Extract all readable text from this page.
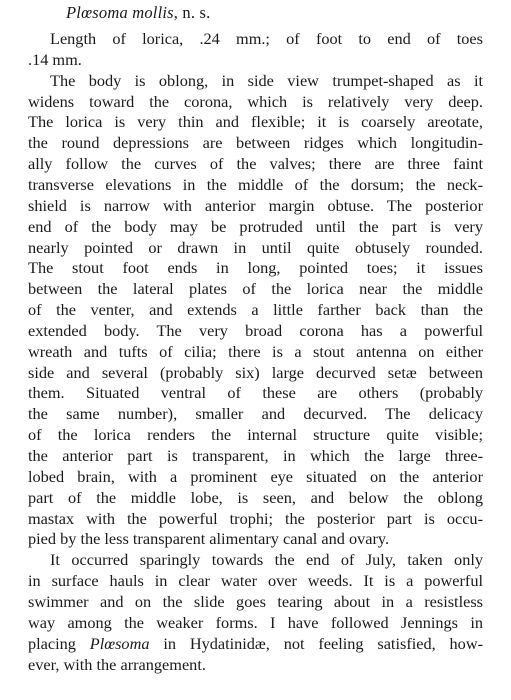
Plœsoma mollis, n. s.
Length of lorica, .24 mm.; of foot to end of toes
.14 mm.
The body is oblong, in side view trumpet-shaped as it
widens toward the corona, which is relatively very deep.
The lorica is very thin and flexible; it is coarsely areotate,
the round depressions are between ridges which longitudin-
ally follow the curves of the valves; there are three faint
transverse elevations in the middle of the dorsum; the neck-
shield is narrow with anterior margin obtuse. The posterior
end of the body may be protruded until the part is very
nearly pointed or drawn in until quite obtusely rounded.
The stout foot ends in long, pointed toes; it issues
between the lateral plates of the lorica near the middle
of the venter, and extends a little farther back than the
extended body. The very broad corona has a powerful
wreath and tufts of cilia; there is a stout antenna on either
side and several (probably six) large decurved setæ between
them. Situated ventral of these are others (probably
the same number), smaller and decurved. The delicacy
of the lorica renders the internal structure quite visible;
the anterior part is transparent, in which the large three-
lobed brain, with a prominent eye situated on the anterior
part of the middle lobe, is seen, and below the oblong
mastax with the powerful trophi; the posterior part is occu-
pied by the less transparent alimentary canal and ovary.
It occurred sparingly towards the end of July, taken only
in surface hauls in clear water over weeds. It is a powerful
swimmer and on the slide goes tearing about in a resistless
way among the weaker forms. I have followed Jennings in
placing Plœsoma in Hydatinidæ, not feeling satisfied, how-
ever, with the arrangement.
